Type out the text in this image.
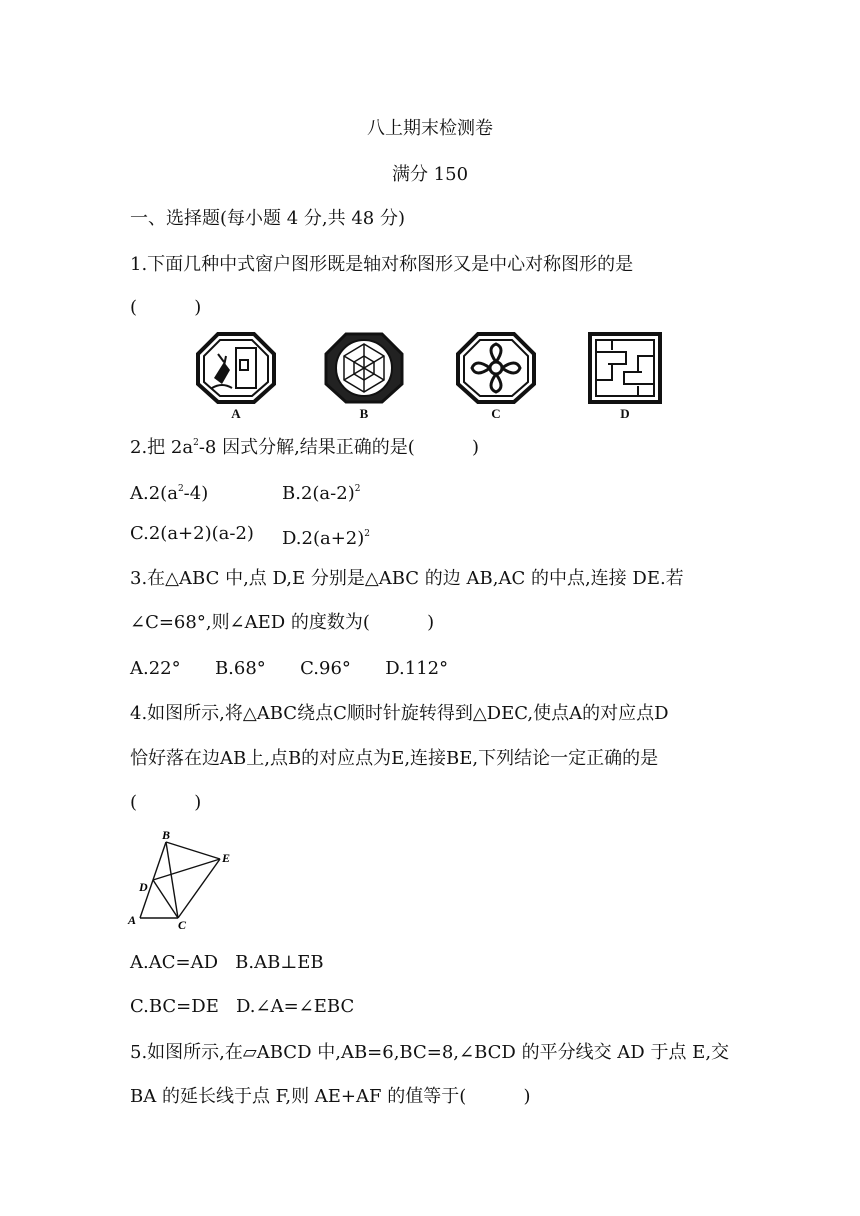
八上期末检测卷
满分 150
一、选择题(每小题 4 分,共 48 分)
1.下面几种中式窗户图形既是轴对称图形又是中心对称图形的是
(          )
A	B	C	D
2.把 $2a^2-8$ 因式分解,结果正确的是(          )
$A.2(a^2-4)$	$B.2(a-2)^2$
C.2(a+2)(a-2) $D.2(a+2)^2$
3.在△ABC 中,点 D,E 分别是△ABC 的边 AB,AC 的中点,连接 DE.若
∠C=68°,则∠AED 的度数为(          )
A.22°      B.68°      C.96°      D.112°
4.如图所示,将△ABC绕点C顺时针旋转得到△DEC,使点A的对应点D
恰好落在边AB上,点B的对应点为E,连接BE,下列结论一定正确的是
(          )
B
E
D
A	C
A.AC=AD   B.AB⊥EB
C.BC=DE   D.∠A=∠EBC
5.如图所示,在▱ABCD 中,AB=6,BC=8,∠BCD 的平分线交 AD 于点 E,交
BA 的延长线于点 F,则 AE+AF 的值等于(          )
